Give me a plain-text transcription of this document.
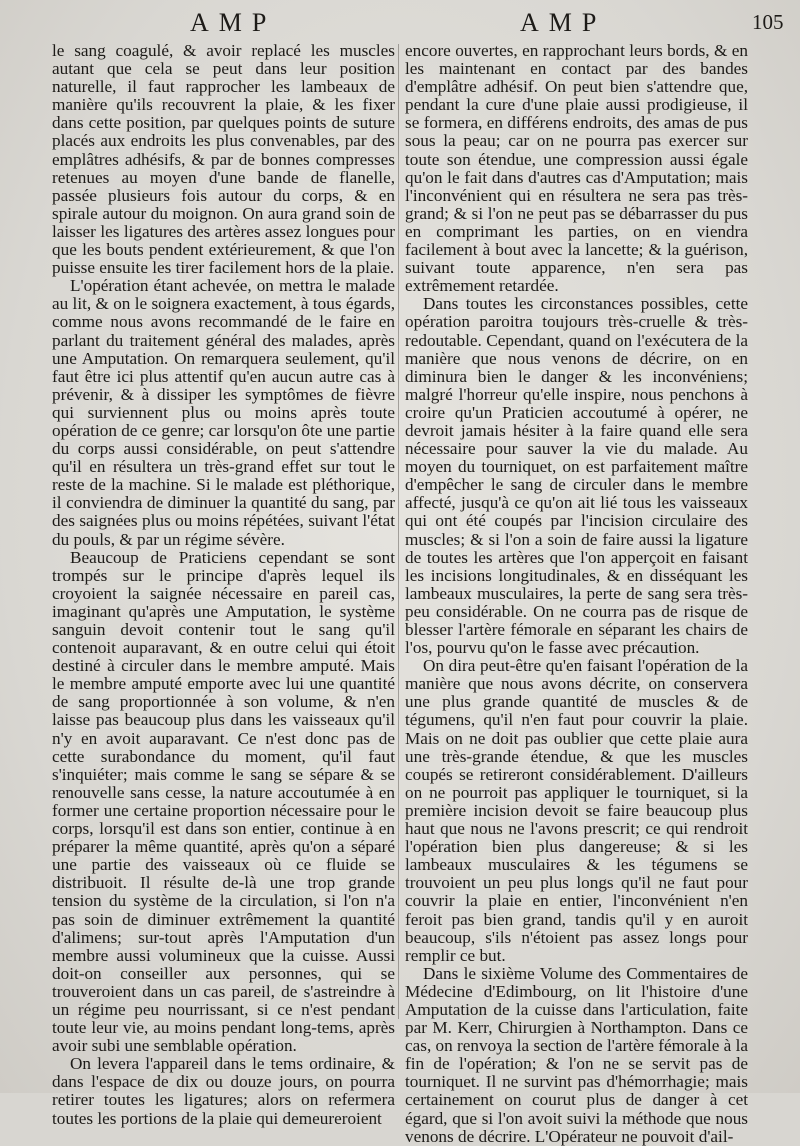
AMP	AMP	105

le sang coagulé, & avoir replacé les muscles autant que cela se peut dans leur position naturelle, il faut rapprocher les lambeaux de manière qu'ils recouvrent la plaie, & les fixer dans cette position, par quelques points de suture placés aux endroits les plus convenables, par des emplâtres adhésifs, & par de bonnes compresses retenues au moyen d'une bande de flanelle, passée plusieurs fois autour du corps, & en spirale autour du moignon. On aura grand soin de laisser les ligatures des artères assez longues pour que les bouts pendent extérieurement, & que l'on puisse ensuite les tirer facilement hors de la plaie.

L'opération étant achevée, on mettra le malade au lit, & on le soignera exactement, à tous égards, comme nous avons recommandé de le faire en parlant du traitement général des malades, après une Amputation. On remarquera seulement, qu'il faut être ici plus attentif qu'en aucun autre cas à prévenir, & à dissiper les symptômes de fièvre qui surviennent plus ou moins après toute opération de ce genre; car lorsqu'on ôte une partie du corps aussi considérable, on peut s'attendre qu'il en résultera un très-grand effet sur tout le reste de la machine. Si le malade est pléthorique, il conviendra de diminuer la quantité du sang, par des saignées plus ou moins répétées, suivant l'état du pouls, & par un régime sévère.

Beaucoup de Praticiens cependant se sont trompés sur le principe d'après lequel ils croyoient la saignée nécessaire en pareil cas, imaginant qu'après une Amputation, le système sanguin devoit contenir tout le sang qu'il contenoit auparavant, & en outre celui qui étoit destiné à circuler dans le membre amputé. Mais le membre amputé emporte avec lui une quantité de sang proportionnée à son volume, & n'en laisse pas beaucoup plus dans les vaisseaux qu'il n'y en avoit auparavant. Ce n'est donc pas de cette surabondance du moment, qu'il faut s'inquiéter; mais comme le sang se sépare & se renouvelle sans cesse, la nature accoutumée à en former une certaine proportion nécessaire pour le corps, lorsqu'il est dans son entier, continue à en préparer la même quantité, après qu'on a séparé une partie des vaisseaux où ce fluide se distribuoit. Il résulte de-là une trop grande tension du système de la circulation, si l'on n'a pas soin de diminuer extrêmement la quantité d'alimens; sur-tout après l'Amputation d'un membre aussi volumineux que la cuisse. Aussi doit-on conseiller aux personnes, qui se trouveroient dans un cas pareil, de s'astreindre à un régime peu nourrissant, si ce n'est pendant toute leur vie, au moins pendant long-tems, après avoir subi une semblable opération.

On levera l'appareil dans le tems ordinaire, & dans l'espace de dix ou douze jours, on pourra retirer toutes les ligatures; alors on refermera toutes les portions de la plaie qui demeureroient

encore ouvertes, en rapprochant leurs bords, & en les maintenant en contact par des bandes d'emplâtre adhésif. On peut bien s'attendre que, pendant la cure d'une plaie aussi prodigieuse, il se formera, en différens endroits, des amas de pus sous la peau; car on ne pourra pas exercer sur toute son étendue, une compression aussi égale qu'on le fait dans d'autres cas d'Amputation; mais l'inconvénient qui en résultera ne sera pas très-grand; & si l'on ne peut pas se débarrasser du pus en comprimant les parties, on en viendra facilement à bout avec la lancette; & la guérison, suivant toute apparence, n'en sera pas extrêmement retardée.

Dans toutes les circonstances possibles, cette opération paroitra toujours très-cruelle & très-redoutable. Cependant, quand on l'exécutera de la manière que nous venons de décrire, on en diminura bien le danger & les inconvéniens; malgré l'horreur qu'elle inspire, nous penchons à croire qu'un Praticien accoutumé à opérer, ne devroit jamais hésiter à la faire quand elle sera nécessaire pour sauver la vie du malade. Au moyen du tourniquet, on est parfaitement maître d'empêcher le sang de circuler dans le membre affecté, jusqu'à ce qu'on ait lié tous les vaisseaux qui ont été coupés par l'incision circulaire des muscles; & si l'on a soin de faire aussi la ligature de toutes les artères que l'on apperçoit en faisant les incisions longitudinales, & en disséquant les lambeaux musculaires, la perte de sang sera très-peu considérable. On ne courra pas de risque de blesser l'artère fémorale en séparant les chairs de l'os, pourvu qu'on le fasse avec précaution.

On dira peut-être qu'en faisant l'opération de la manière que nous avons décrite, on conservera une plus grande quantité de muscles & de tégumens, qu'il n'en faut pour couvrir la plaie. Mais on ne doit pas oublier que cette plaie aura une très-grande étendue, & que les muscles coupés se retireront considérablement. D'ailleurs on ne pourroit pas appliquer le tourniquet, si la première incision devoit se faire beaucoup plus haut que nous ne l'avons prescrit; ce qui rendroit l'opération bien plus dangereuse; & si les lambeaux musculaires & les tégumens se trouvoient un peu plus longs qu'il ne faut pour couvrir la plaie en entier, l'inconvénient n'en feroit pas bien grand, tandis qu'il y en auroit beaucoup, s'ils n'étoient pas assez longs pour remplir ce but.

Dans le sixième Volume des Commentaires de Médecine d'Edimbourg, on lit l'histoire d'une Amputation de la cuisse dans l'articulation, faite par M. Kerr, Chirurgien à Northampton. Dans ce cas, on renvoya la section de l'artère fémorale à la fin de l'opération; & l'on ne se servit pas de tourniquet. Il ne survint pas d'hémorrhagie; mais certainement on courut plus de danger à cet égard, que si l'on avoit suivi la méthode que nous venons de décrire. L'Opérateur ne pouvoit d'ail-
